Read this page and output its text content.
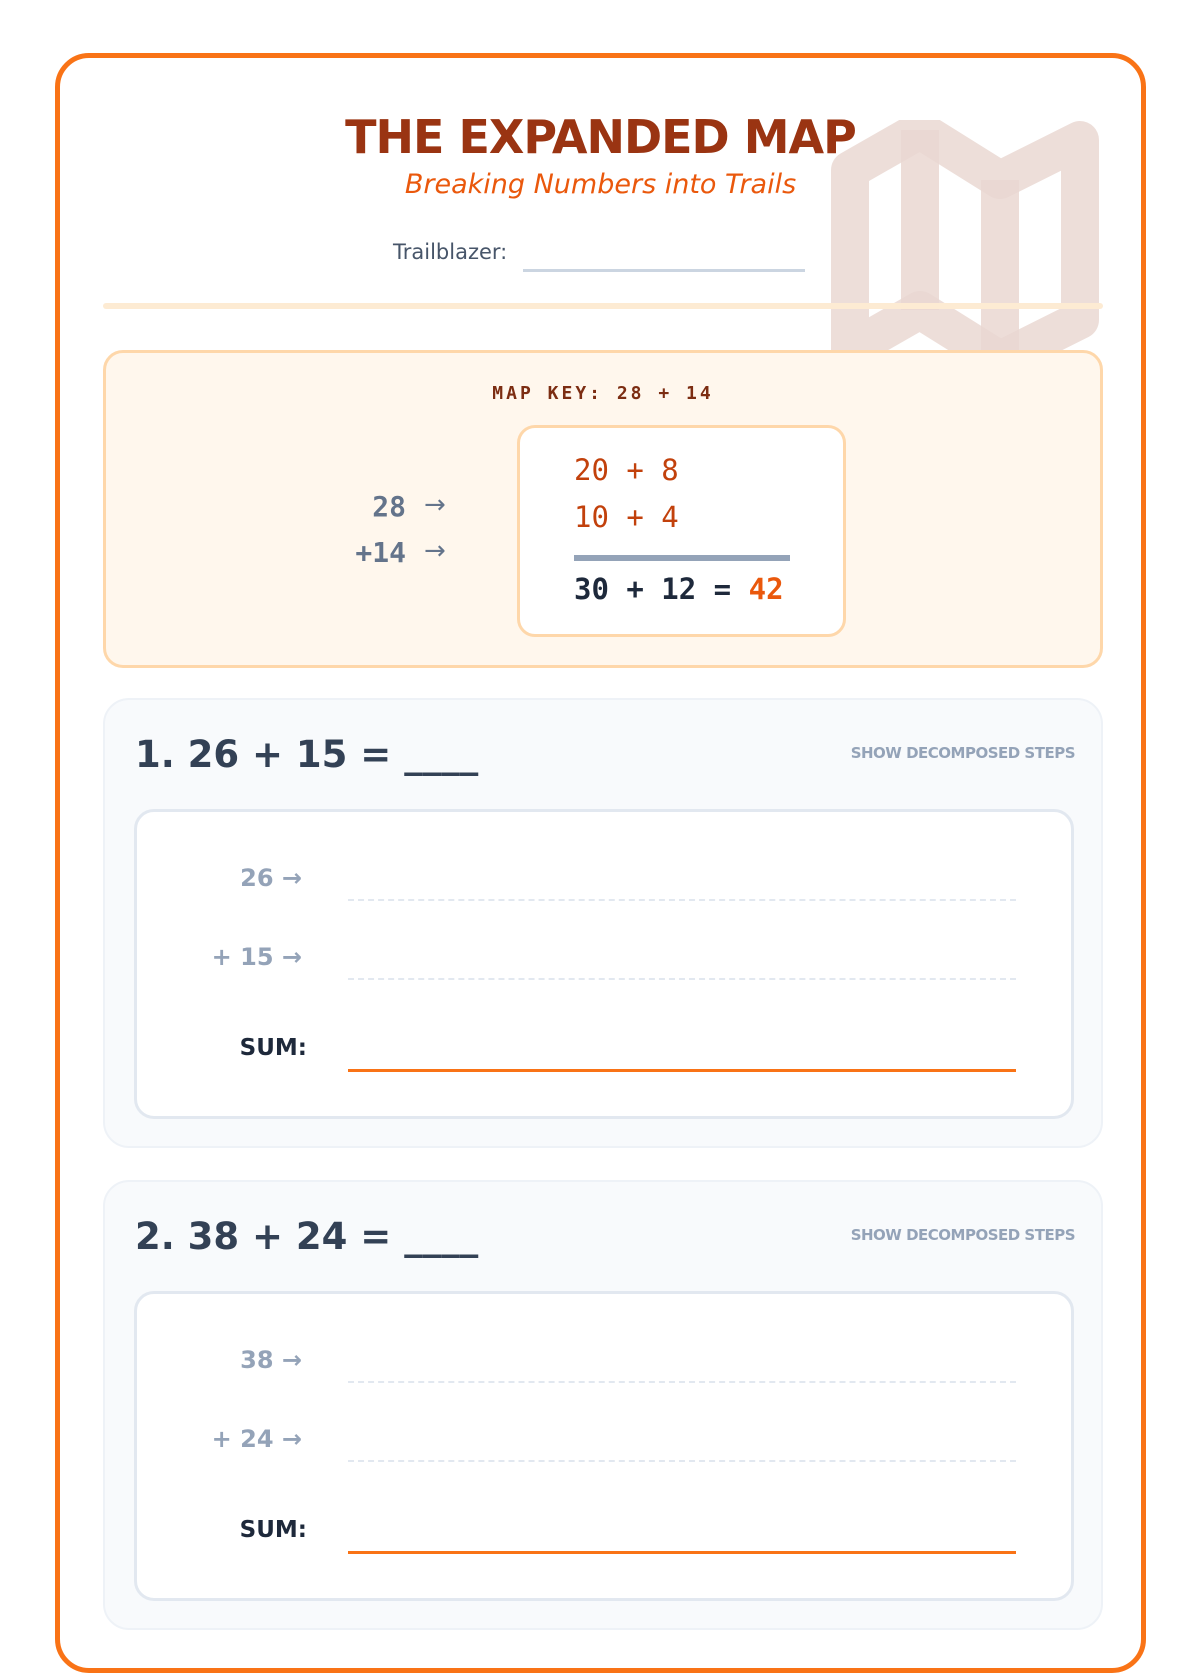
THE EXPANDED MAP

Breaking Numbers into Trails

Trailblazer:
MAP KEY: 28 + 14
28 →
+14 →
20 + 8
10 + 4
30 + 12 = 42
1. 26 + 15 = ____	SHOW DECOMPOSED STEPS
26 →
+ 15 →
SUM:
2. 38 + 24 = ____	SHOW DECOMPOSED STEPS
38 →
+ 24 →
SUM:
